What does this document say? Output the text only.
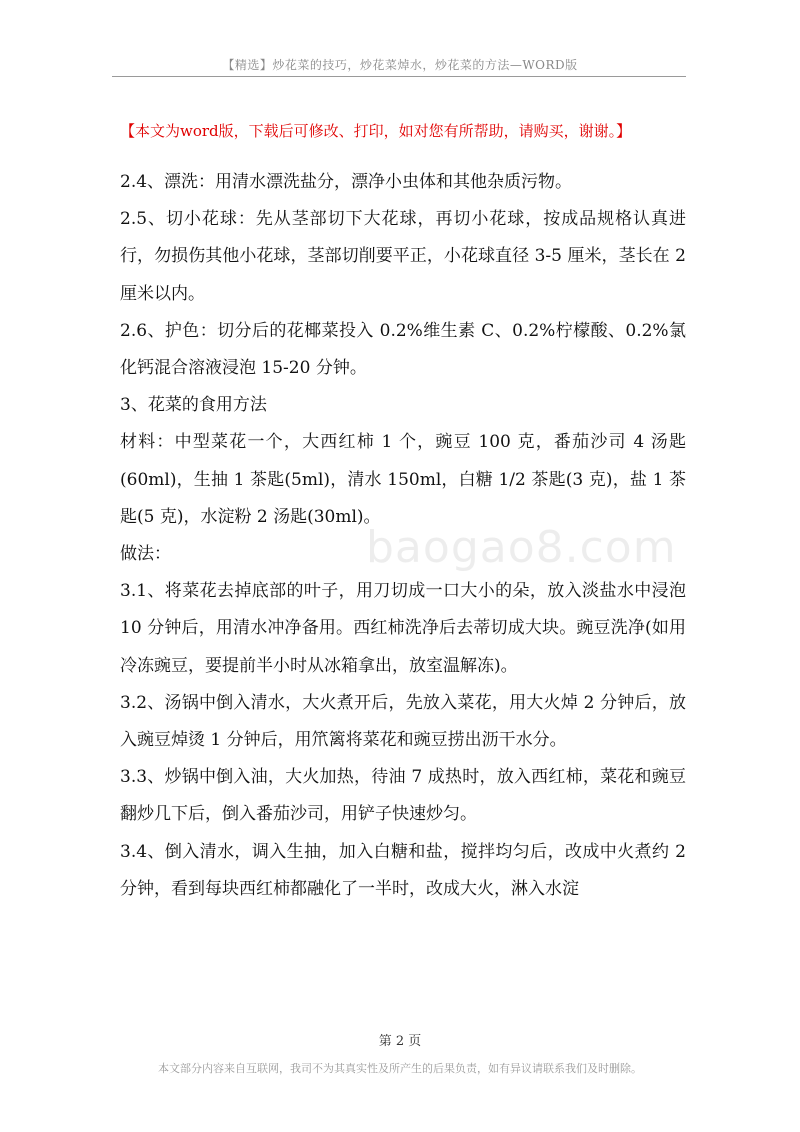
【精选】炒花菜的技巧，炒花菜焯水，炒花菜的方法—WORD版
【本文为word版，下载后可修改、打印，如对您有所帮助，请购买，谢谢。】

2.4、漂洗：用清水漂洗盐分，漂净小虫体和其他杂质污物。

2.5、切小花球：先从茎部切下大花球，再切小花球，按成品规格认真进行，勿损伤其他小花球，茎部切削要平正，小花球直径 3-5 厘米，茎长在 2 厘米以内。

2.6、护色：切分后的花椰菜投入 0.2%维生素 C、0.2%柠檬酸、0.2%氯化钙混合溶液浸泡 15-20 分钟。

3、花菜的食用方法

材料：中型菜花一个，大西红柿 1 个，豌豆 100 克，番茄沙司 4 汤匙(60ml)，生抽 1 茶匙(5ml)，清水 150ml，白糖 1/2 茶匙(3 克)，盐 1 茶匙(5 克)，水淀粉 2 汤匙(30ml)。

做法：

3.1、将菜花去掉底部的叶子，用刀切成一口大小的朵，放入淡盐水中浸泡 10 分钟后，用清水冲净备用。西红柿洗净后去蒂切成大块。豌豆洗净(如用冷冻豌豆，要提前半小时从冰箱拿出，放室温解冻)。

3.2、汤锅中倒入清水，大火煮开后，先放入菜花，用大火焯 2 分钟后，放入豌豆焯烫 1 分钟后，用笊篱将菜花和豌豆捞出沥干水分。

3.3、炒锅中倒入油，大火加热，待油 7 成热时，放入西红柿，菜花和豌豆翻炒几下后，倒入番茄沙司，用铲子快速炒匀。

3.4、倒入清水，调入生抽，加入白糖和盐，搅拌均匀后，改成中火煮约 2 分钟，看到每块西红柿都融化了一半时，改成大火，淋入水淀

baogao8.com
第 2 页
本文部分内容来自互联网，我司不为其真实性及所产生的后果负责，如有异议请联系我们及时删除。
